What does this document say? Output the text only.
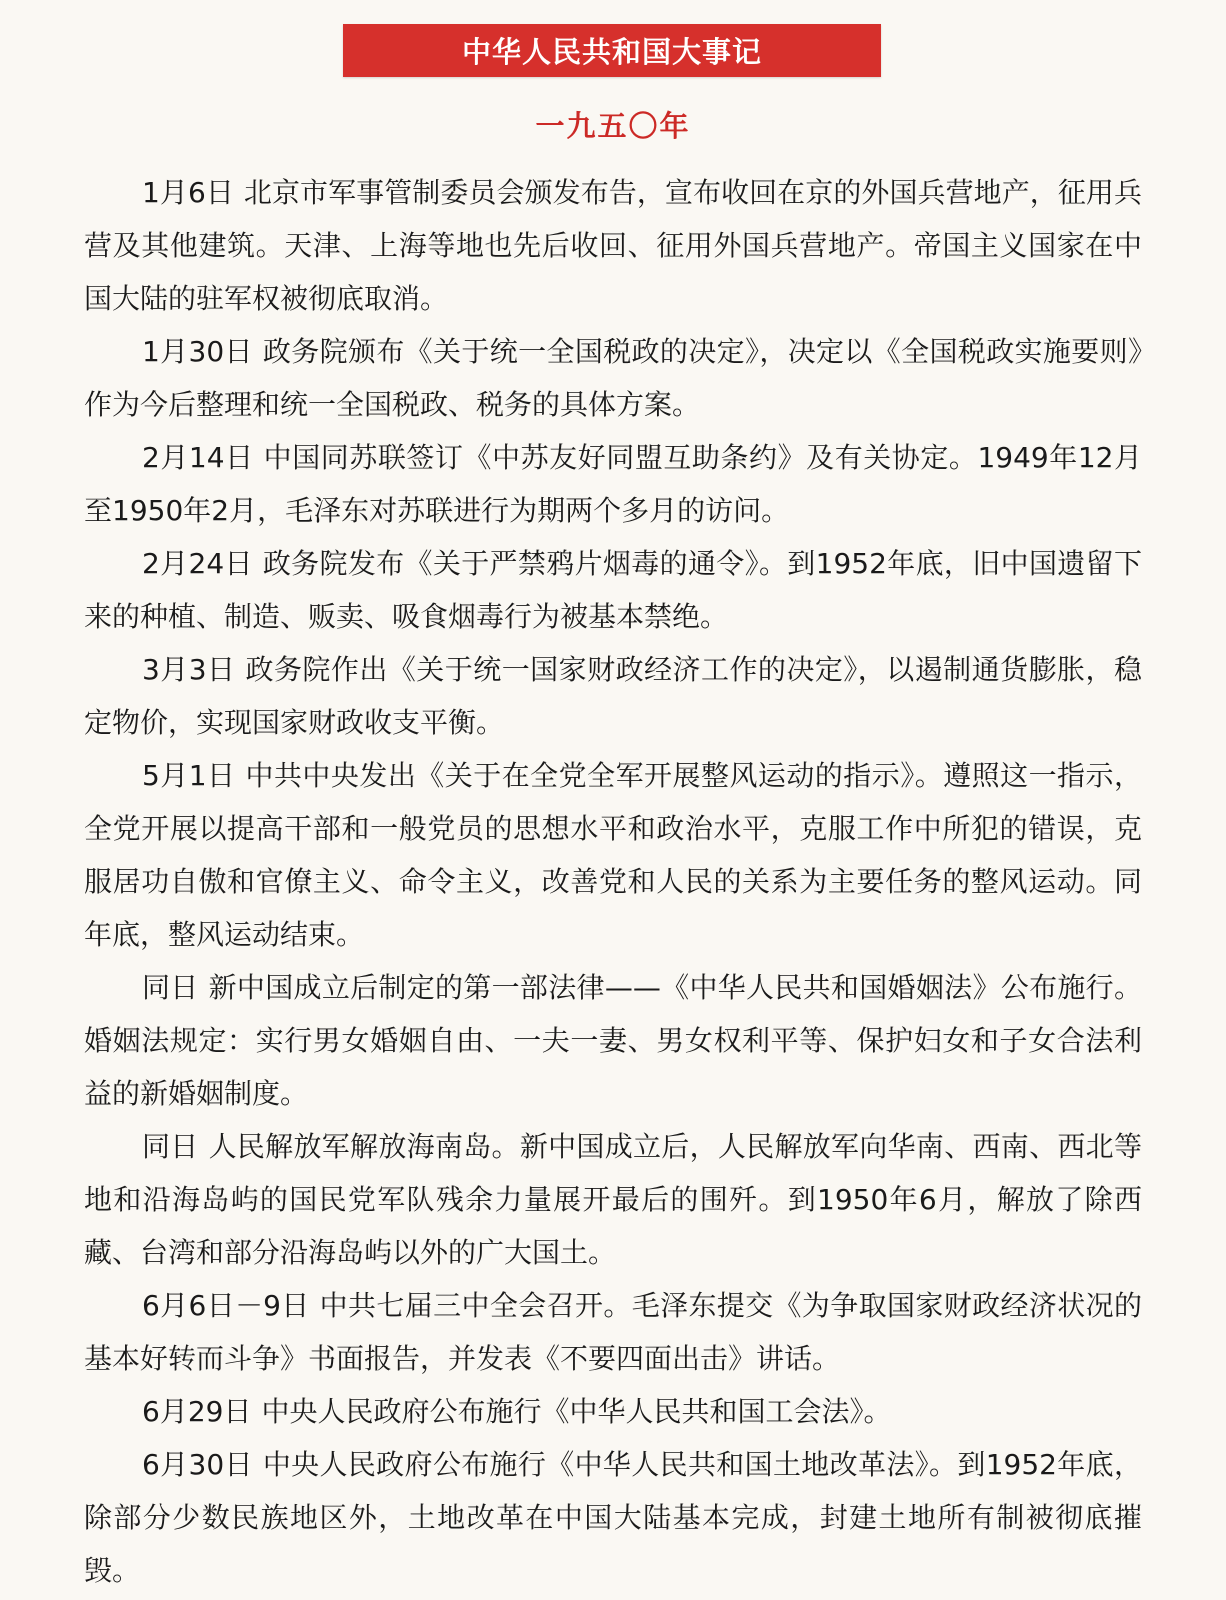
中华人民共和国大事记
一九五〇年

1月6日 北京市军事管制委员会颁发布告，宣布收回在京的外国兵营地产，征用兵营及其他建筑。天津、上海等地也先后收回、征用外国兵营地产。帝国主义国家在中国大陆的驻军权被彻底取消。

1月30日 政务院颁布《关于统一全国税政的决定》，决定以《全国税政实施要则》作为今后整理和统一全国税政、税务的具体方案。

2月14日 中国同苏联签订《中苏友好同盟互助条约》及有关协定。1949年12月至1950年2月，毛泽东对苏联进行为期两个多月的访问。

2月24日 政务院发布《关于严禁鸦片烟毒的通令》。到1952年底，旧中国遗留下来的种植、制造、贩卖、吸食烟毒行为被基本禁绝。

3月3日 政务院作出《关于统一国家财政经济工作的决定》，以遏制通货膨胀，稳定物价，实现国家财政收支平衡。

5月1日 中共中央发出《关于在全党全军开展整风运动的指示》。遵照这一指示，全党开展以提高干部和一般党员的思想水平和政治水平，克服工作中所犯的错误，克服居功自傲和官僚主义、命令主义，改善党和人民的关系为主要任务的整风运动。同年底，整风运动结束。

同日 新中国成立后制定的第一部法律——《中华人民共和国婚姻法》公布施行。婚姻法规定：实行男女婚姻自由、一夫一妻、男女权利平等、保护妇女和子女合法利益的新婚姻制度。

同日 人民解放军解放海南岛。新中国成立后，人民解放军向华南、西南、西北等地和沿海岛屿的国民党军队残余力量展开最后的围歼。到1950年6月，解放了除西藏、台湾和部分沿海岛屿以外的广大国土。

6月6日－9日 中共七届三中全会召开。毛泽东提交《为争取国家财政经济状况的基本好转而斗争》书面报告，并发表《不要四面出击》讲话。

6月29日 中央人民政府公布施行《中华人民共和国工会法》。

6月30日 中央人民政府公布施行《中华人民共和国土地改革法》。到1952年底，除部分少数民族地区外，土地改革在中国大陆基本完成，封建土地所有制被彻底摧毁。
